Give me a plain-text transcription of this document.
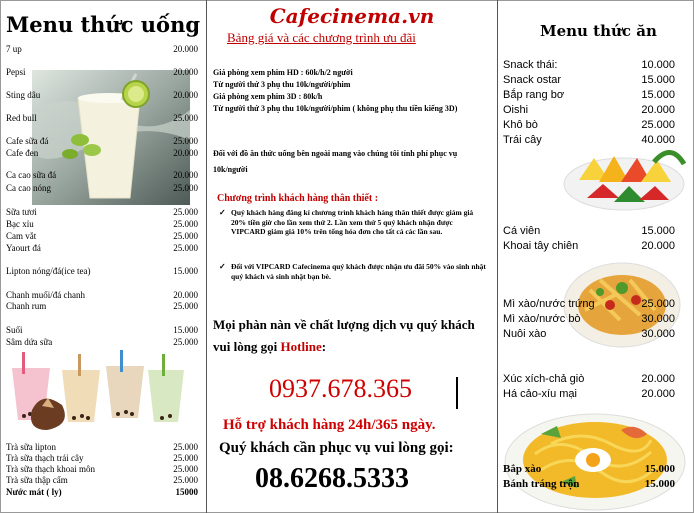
Menu thức uống
7 up	20.000
Pepsi	20.000
Sting dâu	20.000
Red bull	25.000
Cafe sữa đá	25.000
Cafe đen	20.000
Ca cao sữa đá	20.000
Ca cao nóng	25.000
Sữa tươi	25.000
Bạc xỉu	25.000
Cam vắt	25.000
Yaourt đá	25.000
Lipton nóng/đá(ice tea)	15.000
Chanh muối/đá chanh	20.000
Chanh rum	25.000
Suối	15.000
Sâm dứa sữa	25.000
Trà sữa lipton	25.000
Trà sữa thạch trái cây	25.000
Trà sữa thạch khoai môn	25.000
Trà sữa thập cẩm	25.000
Nước mát ( ly)	15000
Cafecinema.vn
Bảng giá và các chương trình ưu đãi
Giá phòng xem phim HD : 60k/h/2 người
Từ người thứ 3 phụ thu 10k/người/phim
Giá phòng xem phim 3D : 80k/h
Từ người thứ 3 phụ thu 10k/người/phim ( không phụ thu tiền kiếng 3D)
Đối với đồ ăn thức uống bên ngoài mang vào chúng tôi tính phí phục vụ 10k/người
Chương trình khách hàng thân thiết :
✓ Quý khách hàng đăng kí chương trình khách hàng thân thiết được giảm giá 20% tiền giờ cho lần xem thứ 2. Lần xem thứ 5 quý khách nhận được VIPCARD giảm giá 10% trên tổng hóa đơn cho tất cả các lần sau.
✓ Đối với VIPCARD Cafecinema quý khách được nhận ưu đãi 50% vào sinh nhật quý khách và sinh nhật bạn bè.
Mọi phàn nàn về chất lượng dịch vụ quý khách vui lòng gọi Hotline:
0937.678.365
Hỗ trợ khách hàng 24h/365 ngày.
Quý khách cần phục vụ vui lòng gọi:
08.6268.5333
Menu thức ăn
Snack thái:	10.000
Snack ostar	15.000
Bắp rang bơ	15.000
Oishi	20.000
Khô bò	25.000
Trái cây	40.000
Cá viên	15.000
Khoai tây chiên	20.000
Mì xào/nước trứng	25.000
Mì xào/nước bò	30.000
Nuôi xào	30.000
Xúc xích-chả giò	20.000
Há cảo-xíu mại	20.000
Bắp xào	15.000
Bánh tráng trộn	15.000
